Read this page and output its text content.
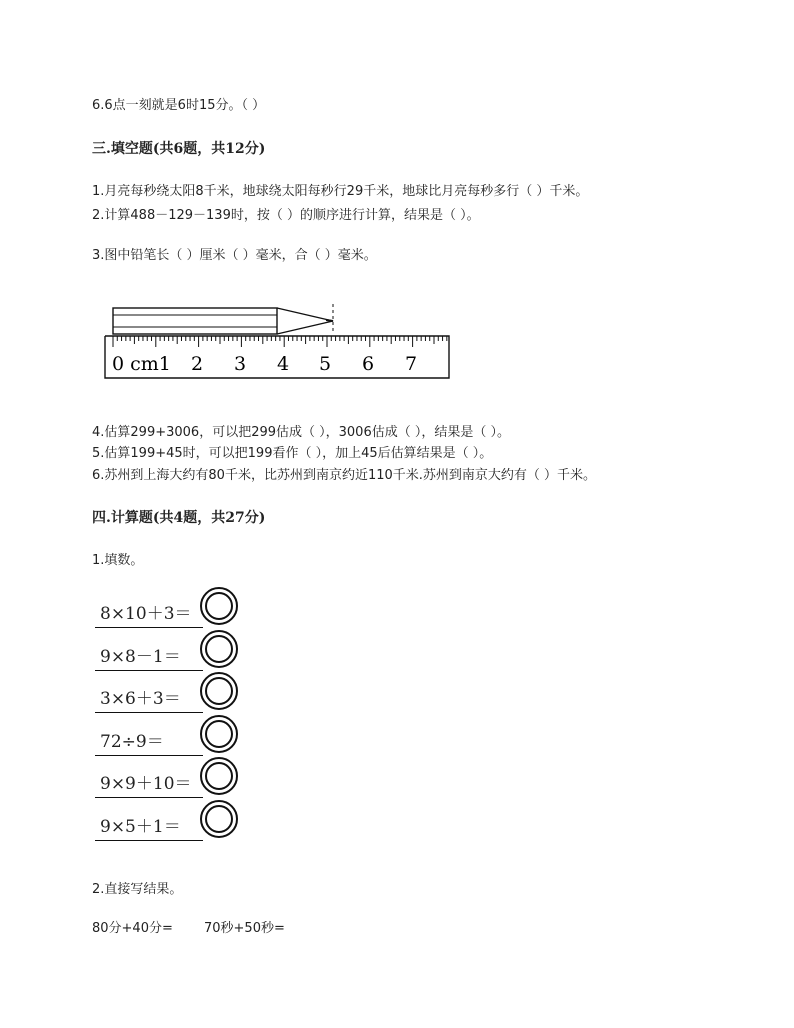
6.6点一刻就是6时15分。（ ）
三.填空题(共6题，共12分)
1.月亮每秒绕太阳8千米，地球绕太阳每秒行29千米，地球比月亮每秒多行（ ）千米。
2.计算488－129－139时，按（ ）的顺序进行计算，结果是（ ）。
3.图中铅笔长（ ）厘米（ ）毫米，合（ ）毫米。
0 cm1 2 3 4 5 6 7
4.估算299+3006，可以把299估成（ ），3006估成（ ），结果是（ ）。
5.估算199+45时，可以把199看作（ ），加上45后估算结果是（ ）。
6.苏州到上海大约有80千米，比苏州到南京约近110千米.苏州到南京大约有（ ）千米。
四.计算题(共4题，共27分)
1.填数。
8×10＋3＝
9×8－1＝
3×6＋3＝
72÷9＝
9×9＋10＝
9×5＋1＝
2.直接写结果。
80分+40分= 70秒+50秒=
